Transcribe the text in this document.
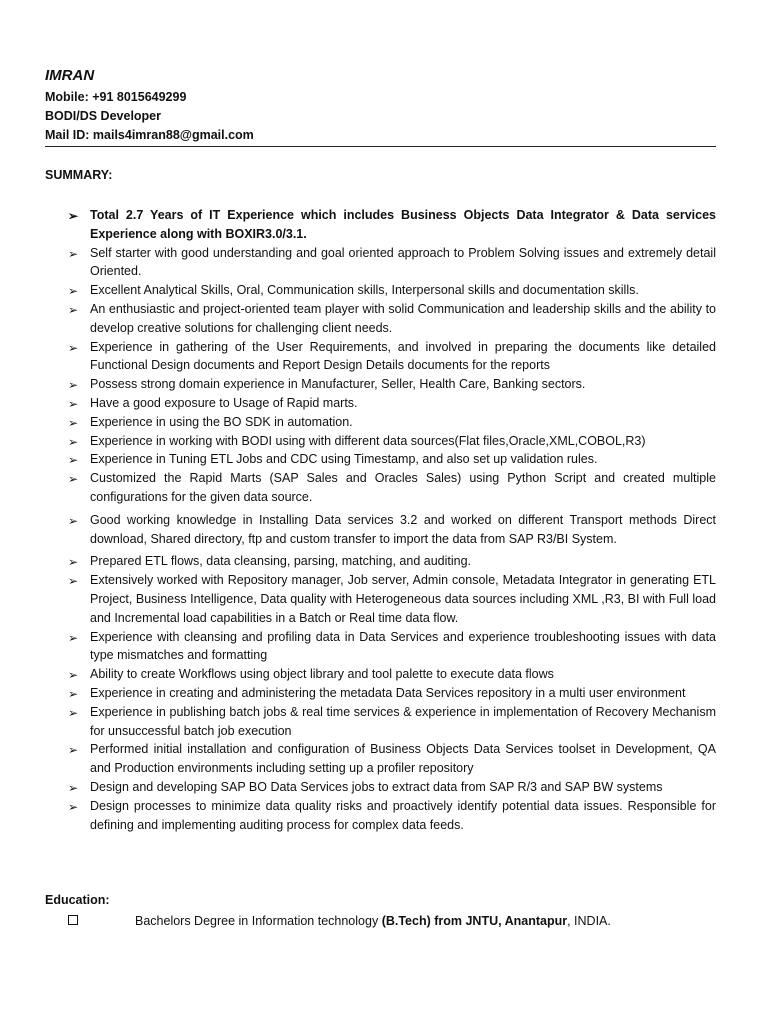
IMRAN
Mobile: +91 8015649299
BODI/DS Developer
Mail ID: mails4imran88@gmail.com
SUMMARY:
➢ Total 2.7 Years of IT Experience which includes Business Objects Data Integrator & Data services Experience along with BOXIR3.0/3.1.
➢ Self starter with good understanding and goal oriented approach to Problem Solving issues and extremely detail Oriented.
➢ Excellent Analytical Skills, Oral, Communication skills, Interpersonal skills and documentation skills.
➢ An enthusiastic and project-oriented team player with solid Communication and leadership skills and the ability to develop creative solutions for challenging client needs.
➢ Experience in gathering of the User Requirements, and involved in preparing the documents like detailed Functional Design documents and Report Design Details documents for the reports
➢ Possess strong domain experience in Manufacturer, Seller, Health Care, Banking sectors.
➢ Have a good exposure to Usage of Rapid marts.
➢ Experience in using the BO SDK in automation.
➢ Experience in working with BODI using with different data sources(Flat files,Oracle,XML,COBOL,R3)
➢ Experience in Tuning ETL Jobs and CDC using Timestamp, and also set up validation rules.
➢ Customized the Rapid Marts (SAP Sales and Oracles Sales) using Python Script and created multiple configurations for the given data source.
➢ Good working knowledge in Installing Data services 3.2 and worked on different Transport methods Direct download, Shared directory, ftp and custom transfer to import the data from SAP R3/BI System.
➢ Prepared ETL flows, data cleansing, parsing, matching, and auditing.
➢ Extensively worked with Repository manager, Job server, Admin console, Metadata Integrator in generating ETL Project, Business Intelligence, Data quality with Heterogeneous data sources including XML ,R3, BI with Full load and Incremental load capabilities in a Batch or Real time data flow.
➢ Experience with cleansing and profiling data in Data Services and experience troubleshooting issues with data type mismatches and formatting
➢ Ability to create Workflows using object library and tool palette to execute data flows
➢ Experience in creating and administering the metadata Data Services repository in a multi user environment
➢ Experience in publishing batch jobs & real time services & experience in implementation of Recovery Mechanism for unsuccessful batch job execution
➢ Performed initial installation and configuration of Business Objects Data Services toolset in Development, QA and Production environments including setting up a profiler repository
➢ Design and developing SAP BO Data Services jobs to extract data from SAP R/3 and SAP BW systems
➢ Design processes to minimize data quality risks and proactively identify potential data issues. Responsible for defining and implementing auditing process for complex data feeds.
Education:
Bachelors Degree in Information technology (B.Tech) from JNTU, Anantapur, INDIA.
